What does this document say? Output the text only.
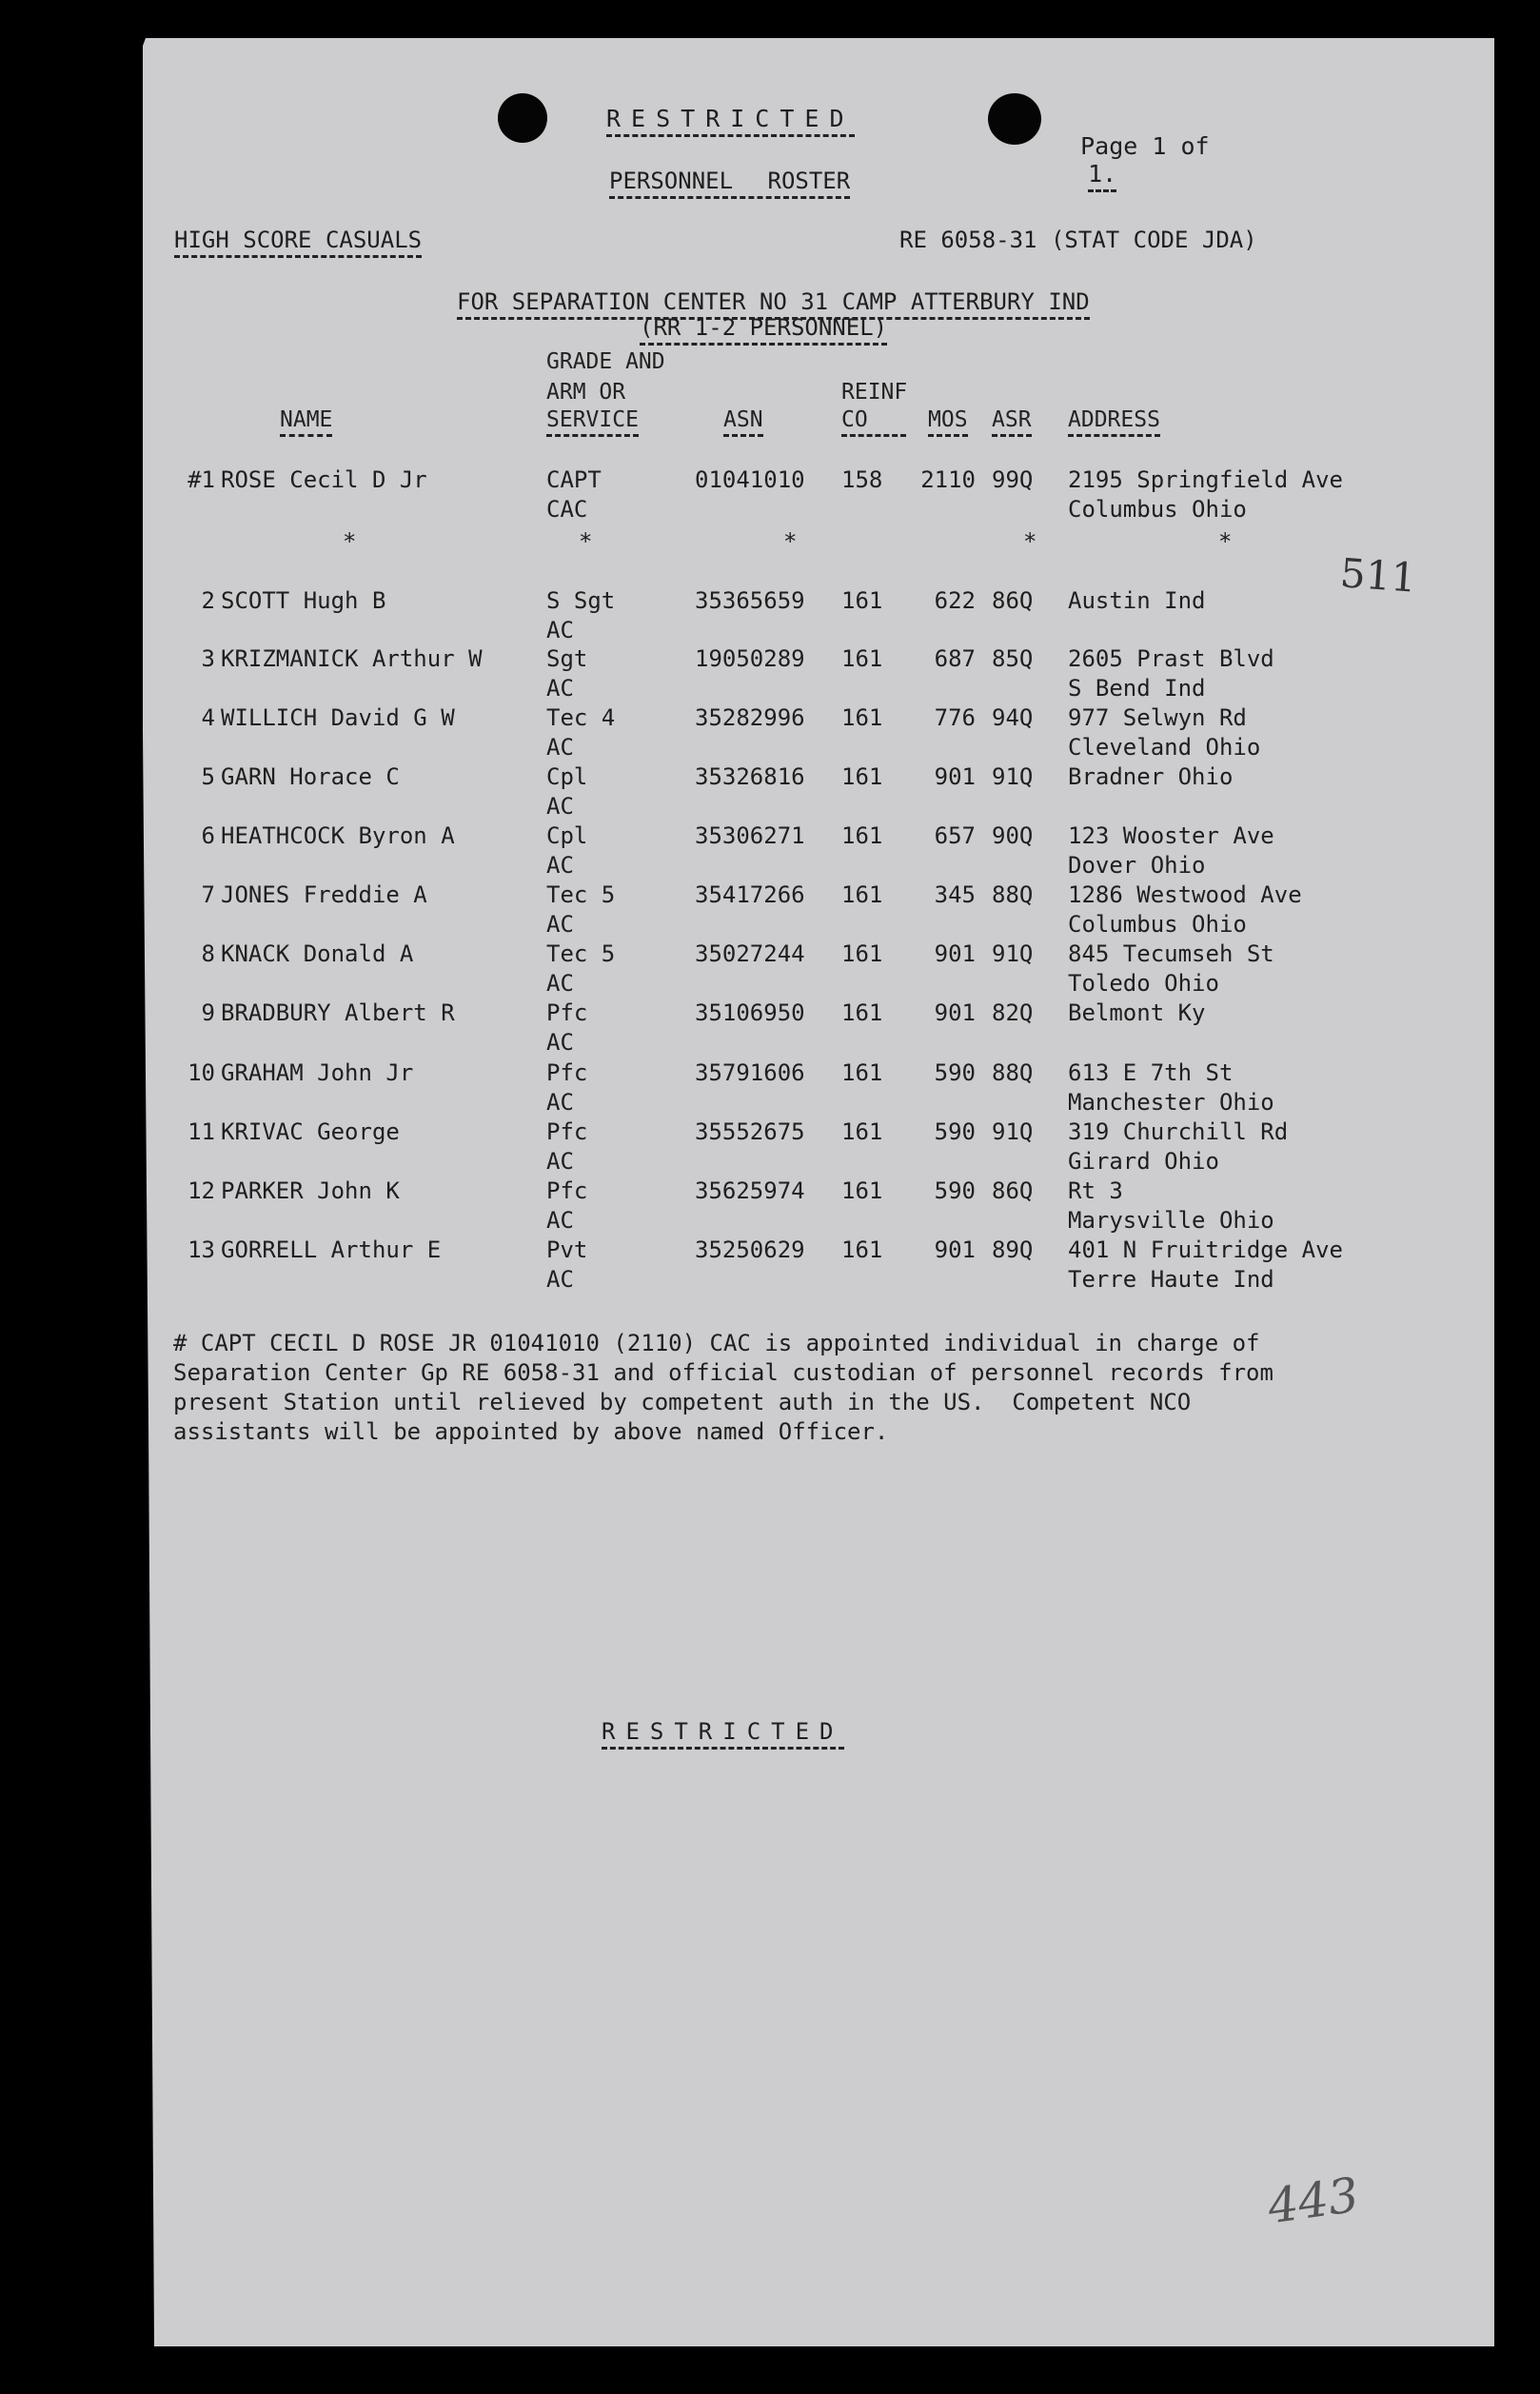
RESTRICTED

Page 1 of
1.

PERSONNEL ROSTER
HIGH SCORE CASUALS	RE 6058-31 (STAT CODE JDA)
FOR SEPARATION CENTER NO 31 CAMP ATTERBURY IND
(RR 1-2 PERSONNEL)
GRADE AND
ARM OR
SERVICE
NAME	ASN
REINF
CO	MOS ASR ADDRESS
#1 ROSE Cecil D Jr	CAPT	01041010 158	2110 99Q 2195 Springfield Ave
CAC	Columbus Ohio
2 SCOTT Hugh B	S Sgt	35365659 161	622 86Q Austin Ind
AC
3 KRIZMANICK Arthur W	Sgt	19050289 161	687 85Q 2605 Prast Blvd
AC	S Bend Ind
4 WILLICH David G W	Tec 4	35282996 161	776 94Q 977 Selwyn Rd
AC	Cleveland Ohio
5 GARN Horace C	Cpl	35326816 161	901 91Q Bradner Ohio
AC
6 HEATHCOCK Byron A	Cpl	35306271 161	657 90Q 123 Wooster Ave
AC	Dover Ohio
7 JONES Freddie A	Tec 5	35417266 161	345 88Q 1286 Westwood Ave
AC	Columbus Ohio
8 KNACK Donald A	Tec 5	35027244 161	901 91Q 845 Tecumseh St
AC	Toledo Ohio
9 BRADBURY Albert R	Pfc	35106950 161	901 82Q Belmont Ky
AC
10 GRAHAM John Jr	Pfc	35791606 161	590 88Q 613 E 7th St
AC	Manchester Ohio
11 KRIVAC George	Pfc	35552675 161	590 91Q 319 Churchill Rd
AC	Girard Ohio
12 PARKER John K	Pfc	35625974 161	590 86Q Rt 3
AC	Marysville Ohio
13 GORRELL Arthur E	Pvt	35250629 161	901 89Q 401 N Fruitridge Ave
AC	Terre Haute Ind
*	*	*	*	*
511
443
# CAPT CECIL D ROSE JR 01041010 (2110) CAC is appointed individual in charge of
Separation Center Gp RE 6058-31 and official custodian of personnel records from
present Station until relieved by competent auth in the US.  Competent NCO
assistants will be appointed by above named Officer.
RESTRICTED
